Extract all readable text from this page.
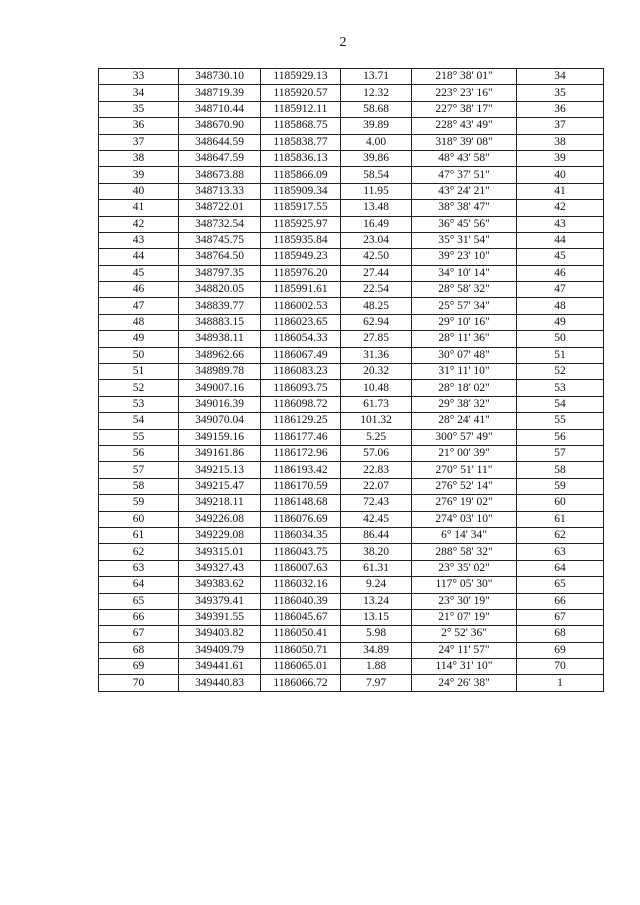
2
33	348730.10	1185929.13	13.71	218° 38' 01"	34
34	348719.39	1185920.57	12.32	223° 23' 16"	35
35	348710.44	1185912.11	58.68	227° 38' 17"	36
36	348670.90	1185868.75	39.89	228° 43' 49"	37
37	348644.59	1185838.77	4.00	318° 39' 08"	38
38	348647.59	1185836.13	39.86	48° 43' 58"	39
39	348673.88	1185866.09	58.54	47° 37' 51"	40
40	348713.33	1185909.34	11.95	43° 24' 21"	41
41	348722.01	1185917.55	13.48	38° 38' 47"	42
42	348732.54	1185925.97	16.49	36° 45' 56"	43
43	348745.75	1185935.84	23.04	35° 31' 54"	44
44	348764.50	1185949.23	42.50	39° 23' 10"	45
45	348797.35	1185976.20	27.44	34° 10' 14"	46
46	348820.05	1185991.61	22.54	28° 58' 32"	47
47	348839.77	1186002.53	48.25	25° 57' 34"	48
48	348883.15	1186023.65	62.94	29° 10' 16"	49
49	348938.11	1186054.33	27.85	28° 11' 36"	50
50	348962.66	1186067.49	31.36	30° 07' 48"	51
51	348989.78	1186083.23	20.32	31° 11' 10"	52
52	349007.16	1186093.75	10.48	28° 18' 02"	53
53	349016.39	1186098.72	61.73	29° 38' 32"	54
54	349070.04	1186129.25	101.32	28° 24' 41"	55
55	349159.16	1186177.46	5.25	300° 57' 49"	56
56	349161.86	1186172.96	57.06	21° 00' 39"	57
57	349215.13	1186193.42	22.83	270° 51' 11"	58
58	349215.47	1186170.59	22.07	276° 52' 14"	59
59	349218.11	1186148.68	72.43	276° 19' 02"	60
60	349226.08	1186076.69	42.45	274° 03' 10"	61
61	349229.08	1186034.35	86.44	6° 14' 34"	62
62	349315.01	1186043.75	38.20	288° 58' 32"	63
63	349327.43	1186007.63	61.31	23° 35' 02"	64
64	349383.62	1186032.16	9.24	117° 05' 30"	65
65	349379.41	1186040.39	13.24	23° 30' 19"	66
66	349391.55	1186045.67	13.15	21° 07' 19"	67
67	349403.82	1186050.41	5.98	2° 52' 36"	68
68	349409.79	1186050.71	34.89	24° 11' 57"	69
69	349441.61	1186065.01	1.88	114° 31' 10"	70
70	349440.83	1186066.72	7.97	24° 26' 38"	1
